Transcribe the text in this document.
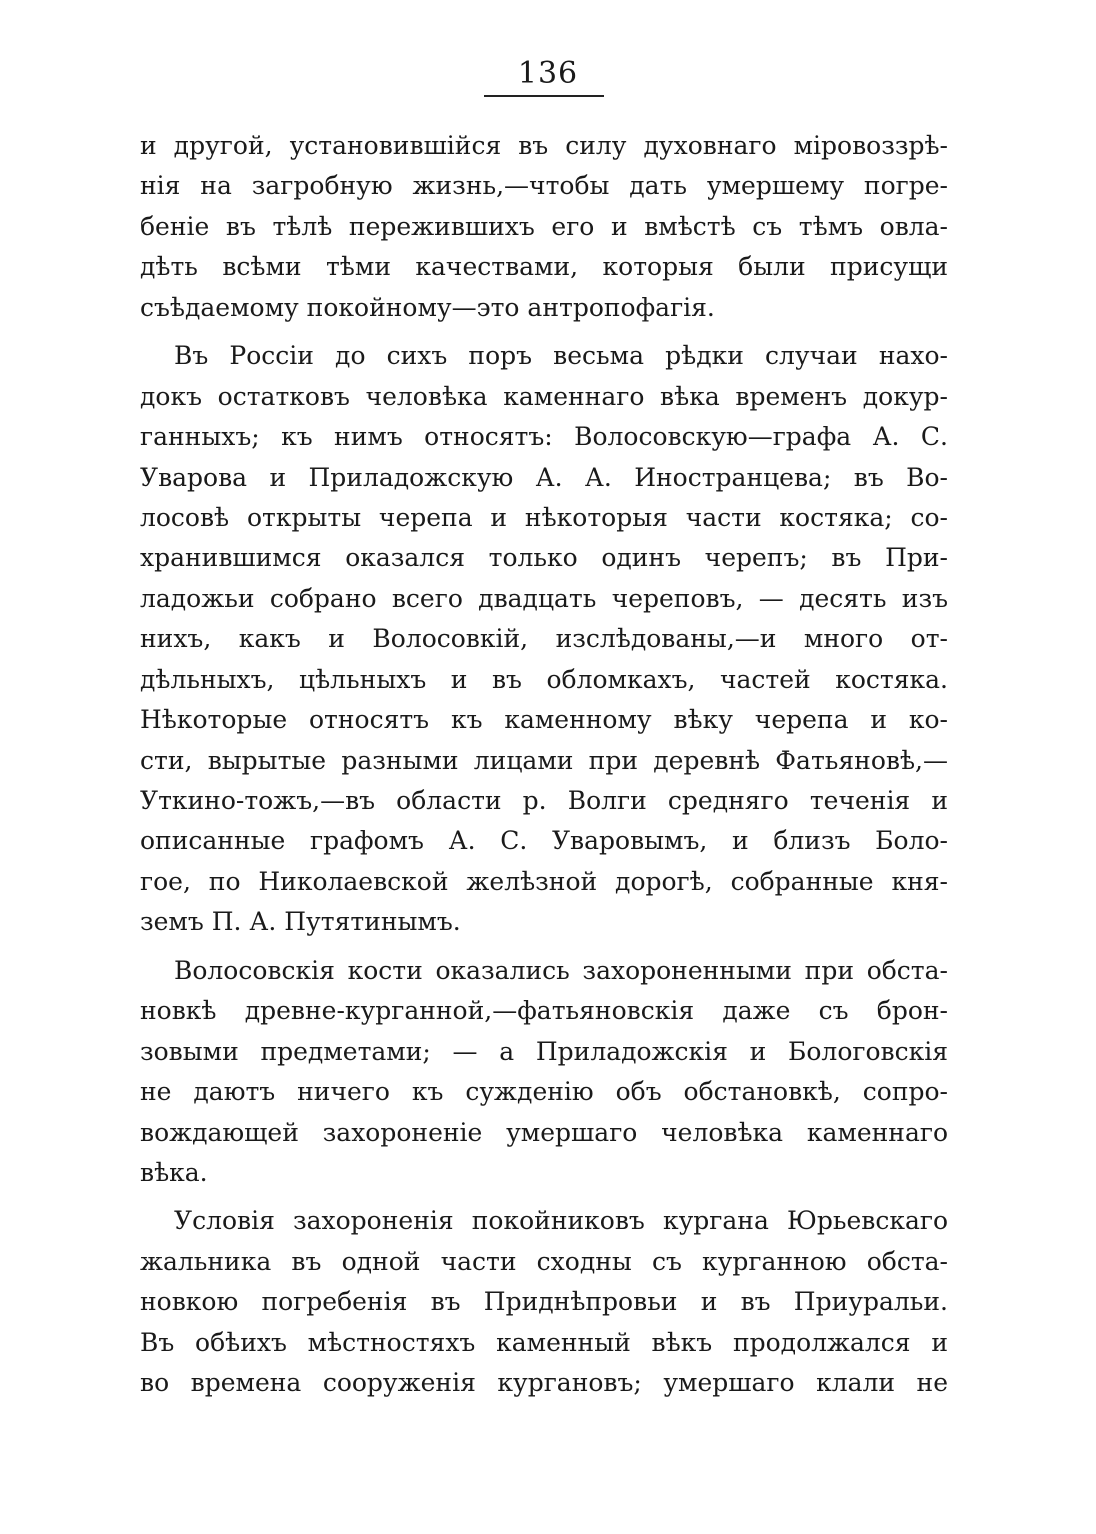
136
и другой, установившійся въ силу духовнаго міровоззрѣ-
нія на загробную жизнь,—чтобы дать умершему погре-
беніе въ тѣлѣ пережившихъ его и вмѣстѣ съ тѣмъ овла-
дѣть всѣми тѣми качествами, которыя были присущи
съѣдаемому покойному—это антропофагія.
Въ Россіи до сихъ поръ весьма рѣдки случаи нахо-
докъ остатковъ человѣка каменнаго вѣка временъ докур-
ганныхъ; къ нимъ относятъ: Волосовскую—графа А. С.
Уварова и Приладожскую А. А. Иностранцева; въ Во-
лосовѣ открыты черепа и нѣкоторыя части костяка; со-
хранившимся оказался только одинъ черепъ; въ При-
ладожьи собрано всего двадцать череповъ, — десять изъ
нихъ, какъ и Волосовкій, изслѣдованы,—и много от-
дѣльныхъ, цѣльныхъ и въ обломкахъ, частей костяка.
Нѣкоторые относятъ къ каменному вѣку черепа и ко-
сти, вырытые разными лицами при деревнѣ Фатьяновѣ,—
Уткино-тожъ,—въ области р. Волги средняго теченія и
описанные графомъ А. С. Уваровымъ, и близъ Боло-
гое, по Николаевской желѣзной дорогѣ, собранные кня-
земъ П. А. Путятинымъ.
Волосовскія кости оказались захороненными при обста-
новкѣ древне-курганной,—фатьяновскія даже съ брон-
зовыми предметами; — а Приладожскія и Бологовскія
не даютъ ничего къ сужденію объ обстановкѣ, сопро-
вождающей захороненіе умершаго человѣка каменнаго
вѣка.
Условія захороненія покойниковъ кургана Юрьевскаго
жальника въ одной части сходны съ курганною обста-
новкою погребенія въ Приднѣпровьи и въ Приуральи.
Въ обѣихъ мѣстностяхъ каменный вѣкъ продолжался и
во времена сооруженія кургановъ; умершаго клали не
